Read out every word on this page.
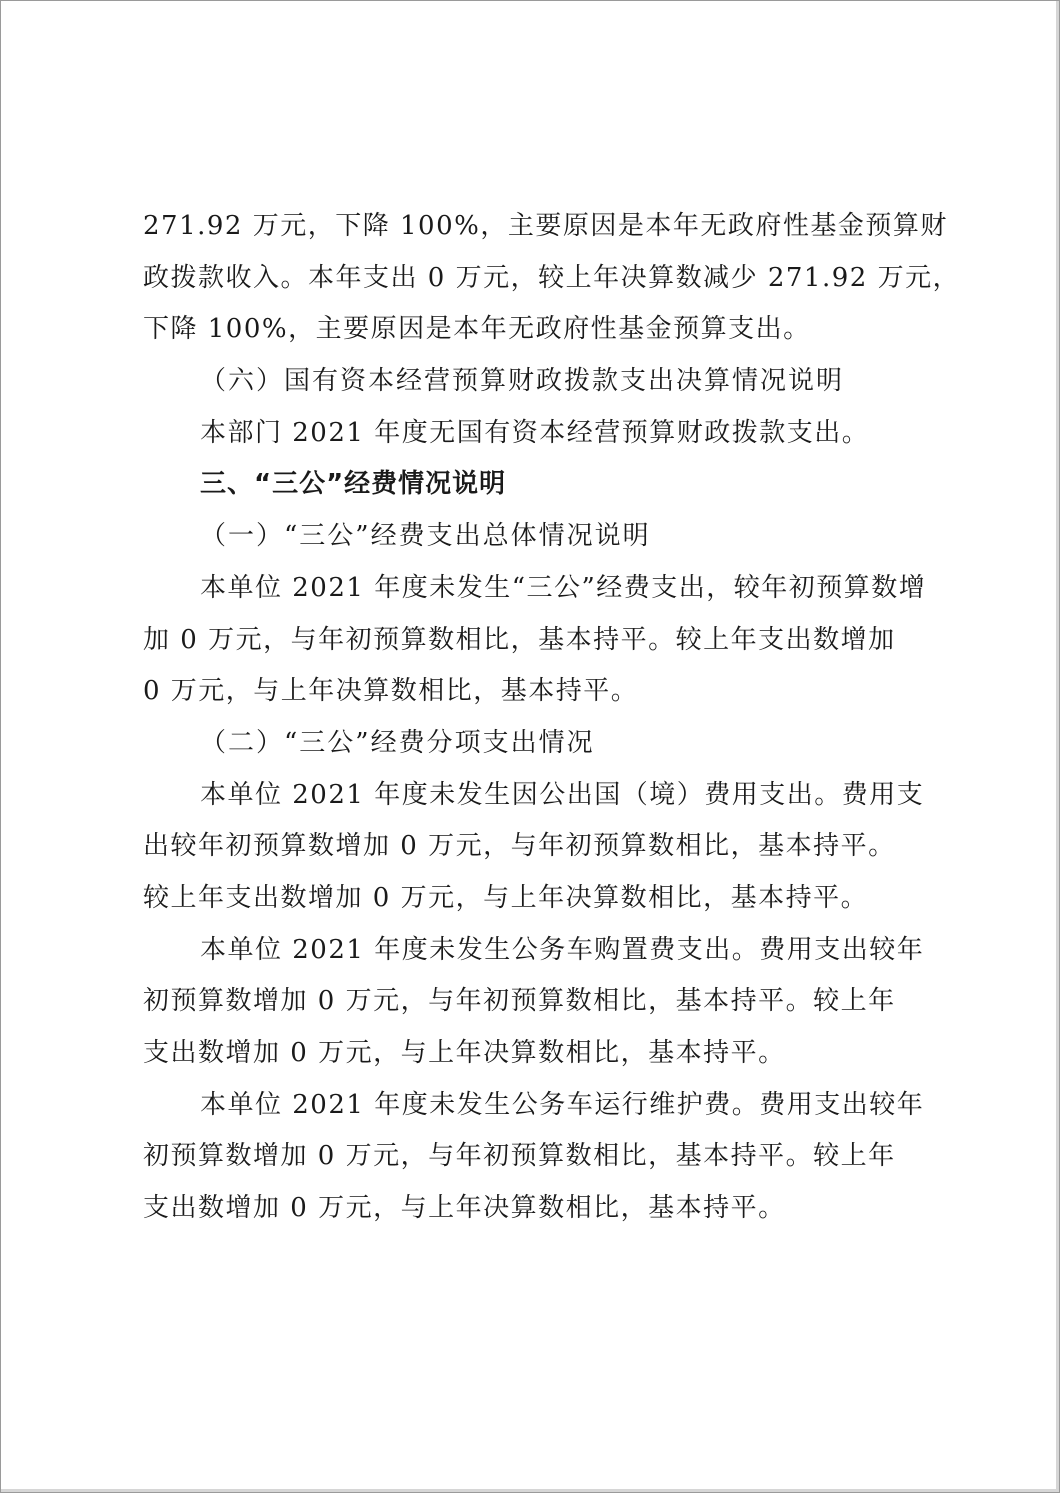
271.92 万元，下降 100%，主要原因是本年无政府性基金预算财
政拨款收入。本年支出 0 万元，较上年决算数减少 271.92 万元，
下降 100%，主要原因是本年无政府性基金预算支出。
（六）国有资本经营预算财政拨款支出决算情况说明
本部门 2021 年度无国有资本经营预算财政拨款支出。
三、“三公”经费情况说明
（一）“三公”经费支出总体情况说明
本单位 2021 年度未发生“三公”经费支出，较年初预算数增
加 0 万元，与年初预算数相比，基本持平。较上年支出数增加
0 万元，与上年决算数相比，基本持平。
（二）“三公”经费分项支出情况
本单位 2021 年度未发生因公出国（境）费用支出。费用支
出较年初预算数增加 0 万元，与年初预算数相比，基本持平。
较上年支出数增加 0 万元，与上年决算数相比，基本持平。
本单位 2021 年度未发生公务车购置费支出。费用支出较年
初预算数增加 0 万元，与年初预算数相比，基本持平。较上年
支出数增加 0 万元，与上年决算数相比，基本持平。
本单位 2021 年度未发生公务车运行维护费。费用支出较年
初预算数增加 0 万元，与年初预算数相比，基本持平。较上年
支出数增加 0 万元，与上年决算数相比，基本持平。
